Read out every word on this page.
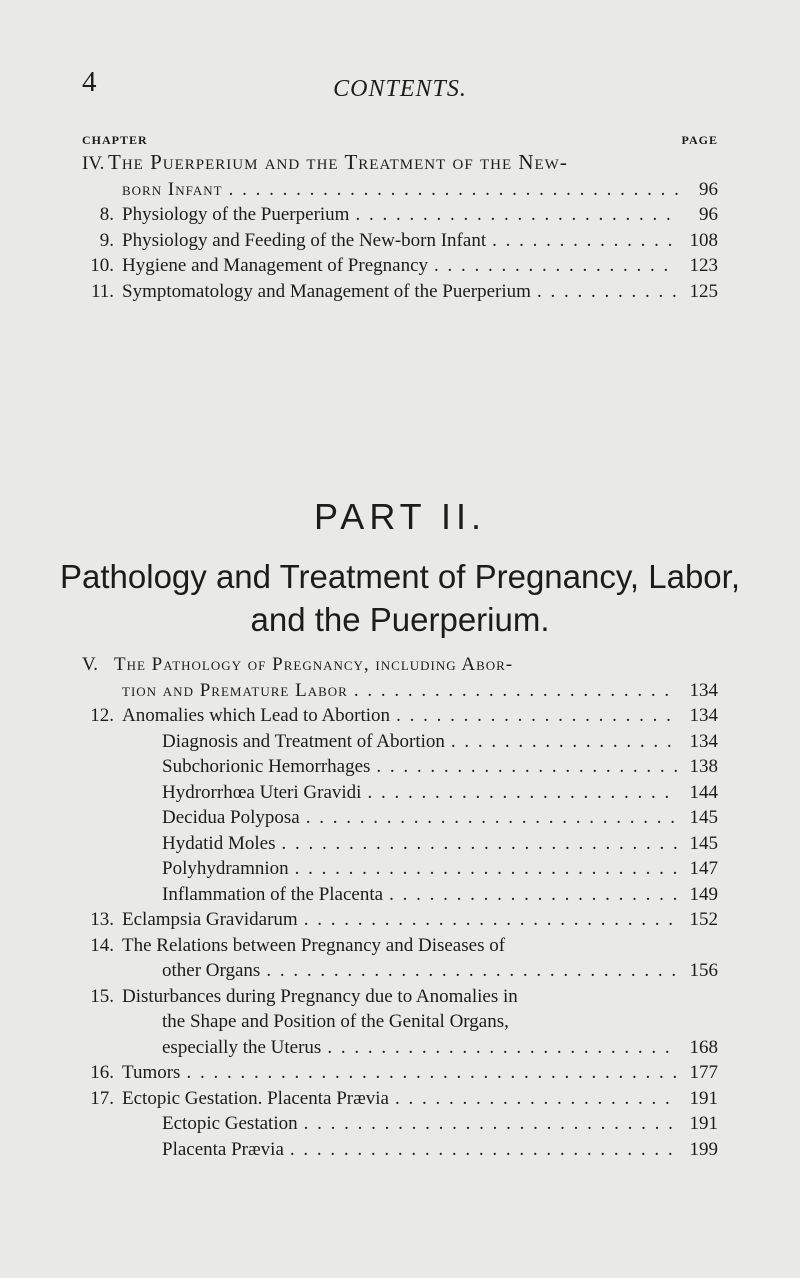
4	CONTENTS.
CHAPTER	PAGE
IV. The Puerperium and the Treatment of the New-
born Infant . . .	96
8. Physiology of the Puerperium . . .	96
9. Physiology and Feeding of the New-born Infant . . .	108
10. Hygiene and Management of Pregnancy . . .	123
11. Symptomatology and Management of the Puerperium . . .	125
PART II.
Pathology and Treatment of Pregnancy, Labor,
and the Puerperium.
V. The Pathology of Pregnancy, including Abor-
tion and Premature Labor . . .	134
12. Anomalies which Lead to Abortion . . .	134
Diagnosis and Treatment of Abortion . . .	134
Subchorionic Hemorrhages . . .	138
Hydrorrhœa Uteri Gravidi . . .	144
Decidua Polyposa . . .	145
Hydatid Moles . . .	145
Polyhydramnion . . .	147
Inflammation of the Placenta . . .	149
13. Eclampsia Gravidarum . . .	152
14. The Relations between Pregnancy and Diseases of
other Organs . . .	156
15. Disturbances during Pregnancy due to Anomalies in
the Shape and Position of the Genital Organs,
especially the Uterus . . .	168
16. Tumors . . .	177
17. Ectopic Gestation. Placenta Prævia . . .	191
Ectopic Gestation . . .	191
Placenta Prævia . . .	199
